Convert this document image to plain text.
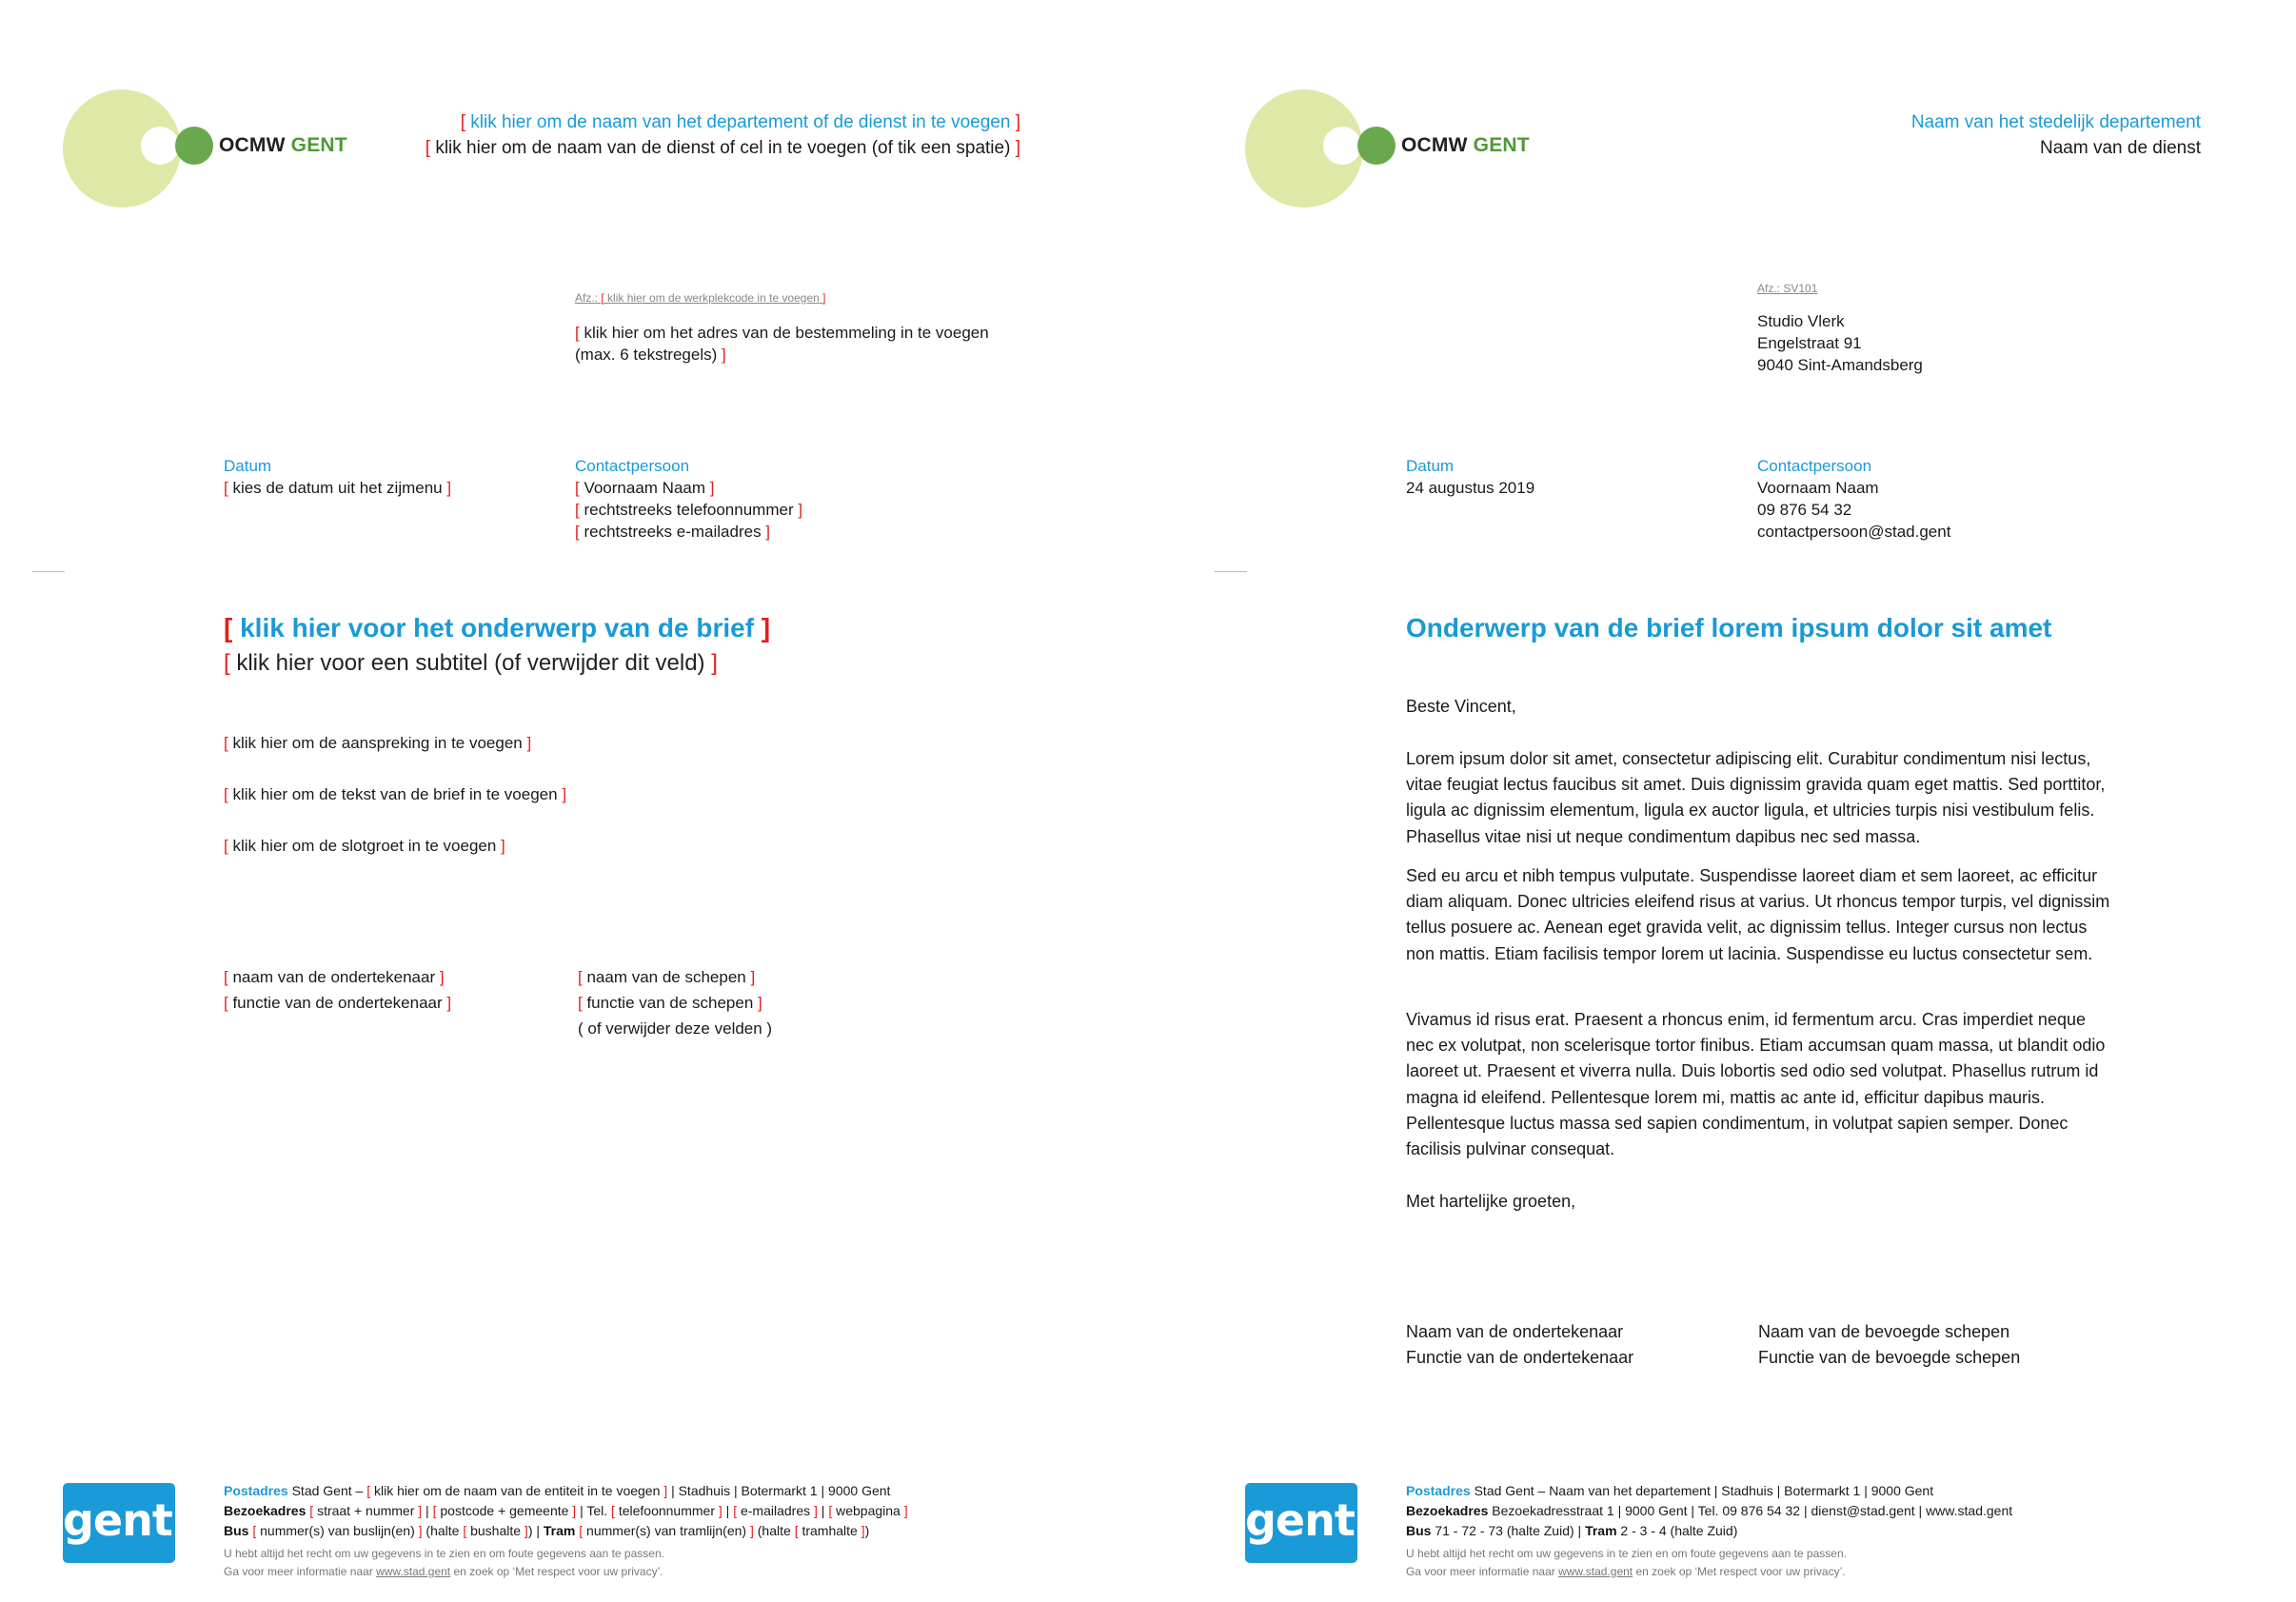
OCMW GENT
[ klik hier om de naam van het departement of de dienst in te voegen ]
[ klik hier om de naam van de dienst of cel in te voegen (of tik een spatie) ]
Afz.: [ klik hier om de werkplekcode in te voegen ]
[ klik hier om het adres van de bestemmeling in te voegen
(max. 6 tekstregels) ]
Datum
[ kies de datum uit het zijmenu ]
Contactpersoon
[ Voornaam Naam ]
[ rechtstreeks telefoonnummer ]
[ rechtstreeks e-mailadres ]
[ klik hier voor het onderwerp van de brief ]
[ klik hier voor een subtitel (of verwijder dit veld) ]
[ klik hier om de aanspreking in te voegen ]
[ klik hier om de tekst van de brief in te voegen ]
[ klik hier om de slotgroet in te voegen ]
[ naam van de ondertekenaar ]
[ functie van de ondertekenaar ]
[ naam van de schepen ]
[ functie van de schepen ]
( of verwijder deze velden )
gent:
Postadres Stad Gent – [ klik hier om de naam van de entiteit in te voegen ] | Stadhuis | Botermarkt 1 | 9000 Gent
Bezoekadres [ straat + nummer ] | [ postcode + gemeente ] | Tel. [ telefoonnummer ] | [ e-mailadres ] | [ webpagina ]
Bus [ nummer(s) van buslijn(en) ] (halte [ bushalte ]) | Tram [ nummer(s) van tramlijn(en) ] (halte [ tramhalte ])
U hebt altijd het recht om uw gegevens in te zien en om foute gegevens aan te passen.
Ga voor meer informatie naar www.stad.gent en zoek op ‘Met respect voor uw privacy’.
OCMW GENT
Naam van het stedelijk departement
Naam van de dienst
Afz.: SV101
Studio Vlerk
Engelstraat 91
9040 Sint-Amandsberg
Datum
24 augustus 2019
Contactpersoon
Voornaam Naam
09 876 54 32
contactpersoon@stad.gent
Onderwerp van de brief lorem ipsum dolor sit amet
Beste Vincent,
Lorem ipsum dolor sit amet, consectetur adipiscing elit. Curabitur condimentum nisi lectus, vitae feugiat lectus faucibus sit amet. Duis dignissim gravida quam eget mattis. Sed porttitor, ligula ac dignissim elementum, ligula ex auctor ligula, et ultricies turpis nisi vestibulum felis. Phasellus vitae nisi ut neque condimentum dapibus nec sed massa.
Sed eu arcu et nibh tempus vulputate. Suspendisse laoreet diam et sem laoreet, ac efficitur diam aliquam. Donec ultricies eleifend risus at varius. Ut rhoncus tempor turpis, vel dignissim tellus posuere ac. Aenean eget gravida velit, ac dignissim tellus. Integer cursus non lectus non mattis. Etiam facilisis tempor lorem ut lacinia. Suspendisse eu luctus consectetur sem.
Vivamus id risus erat. Praesent a rhoncus enim, id fermentum arcu. Cras imperdiet neque nec ex volutpat, non scelerisque tortor finibus. Etiam accumsan quam massa, ut blandit odio laoreet ut. Praesent et viverra nulla. Duis lobortis sed odio sed volutpat. Phasellus rutrum id magna id eleifend. Pellentesque lorem mi, mattis ac ante id, efficitur dapibus mauris. Pellentesque luctus massa sed sapien condimentum, in volutpat sapien semper. Donec facilisis pulvinar consequat.
Met hartelijke groeten,
Naam van de ondertekenaar
Functie van de ondertekenaar
Naam van de bevoegde schepen
Functie van de bevoegde schepen
gent:
Postadres Stad Gent – Naam van het departement | Stadhuis | Botermarkt 1 | 9000 Gent
Bezoekadres Bezoekadresstraat 1 | 9000 Gent | Tel. 09 876 54 32 | dienst@stad.gent | www.stad.gent
Bus 71 - 72 - 73 (halte Zuid) | Tram 2 - 3 - 4 (halte Zuid)
U hebt altijd het recht om uw gegevens in te zien en om foute gegevens aan te passen.
Ga voor meer informatie naar www.stad.gent en zoek op ‘Met respect voor uw privacy’.
